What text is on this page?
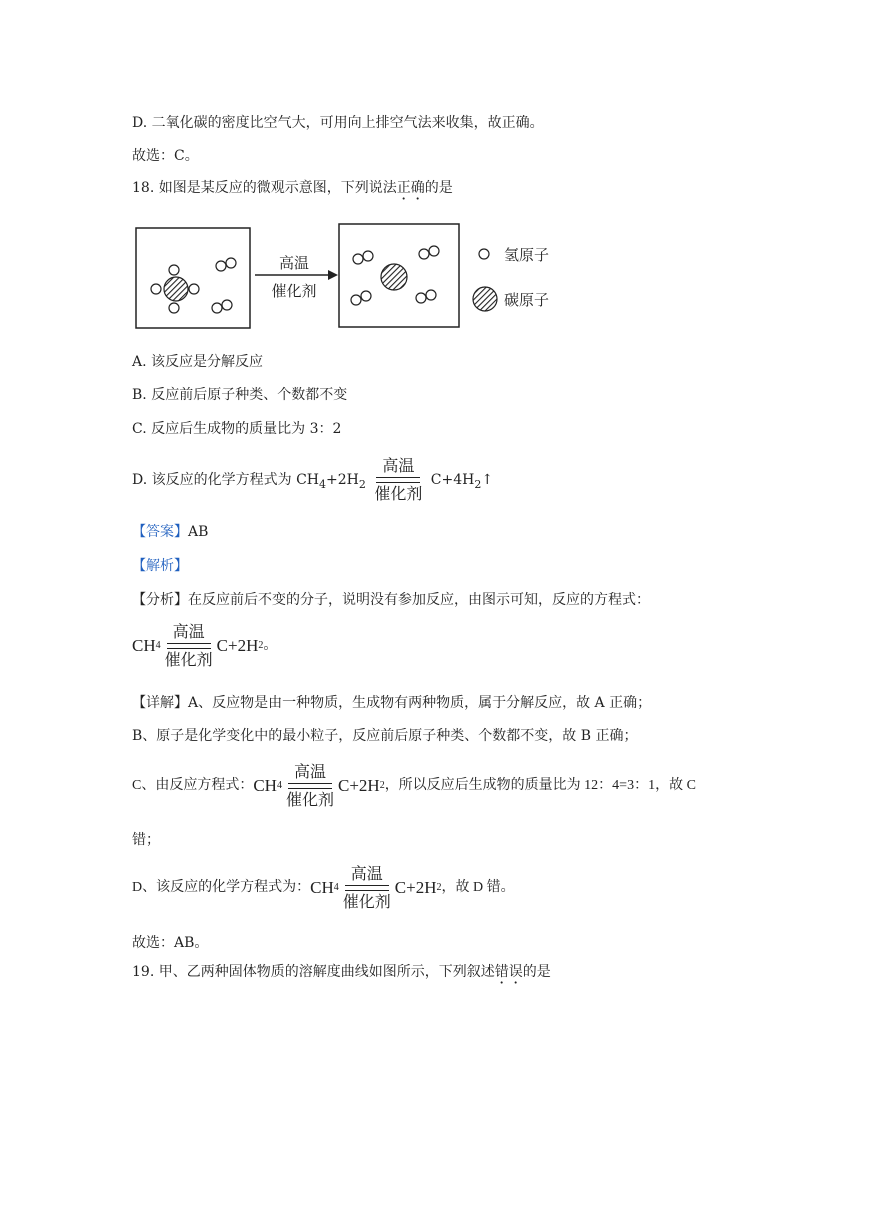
D. 二氧化碳的密度比空气大，可用向上排空气法来收集，故正确。
故选：C。
18. 如图是某反应的微观示意图，下列说法正确的是
高温
催化剂
氢原子
碳原子
A. 该反应是分解反应
B. 反应前后原子种类、个数都不变
C. 反应后生成物的质量比为 3：2
D. 该反应的化学方程式为 $CH_4+2H_2$
高温
催化剂
$C+4H_2↑$
【答案】AB
【解析】
【分析】在反应前后不变的分子，说明没有参加反应，由图示可知，反应的方程式：
CH 4
高温
催化剂
C+2H 2 。
【详解】A、反应物是由一种物质，生成物有两种物质，属于分解反应，故 A 正确；
B、原子是化学变化中的最小粒子，反应前后原子种类、个数都不变，故 B 正确；
C、由反应方程式： CH 4
高温
催化剂
C+2H 2 ，所以反应后生成物的质量比为 12：4=3：1，故 C
错；
D、该反应的化学方程式为： CH 4
高温
催化剂
C+2H 2 ，故 D 错。
故选：AB。
19. 甲、乙两种固体物质的溶解度曲线如图所示，下列叙述错误的是
